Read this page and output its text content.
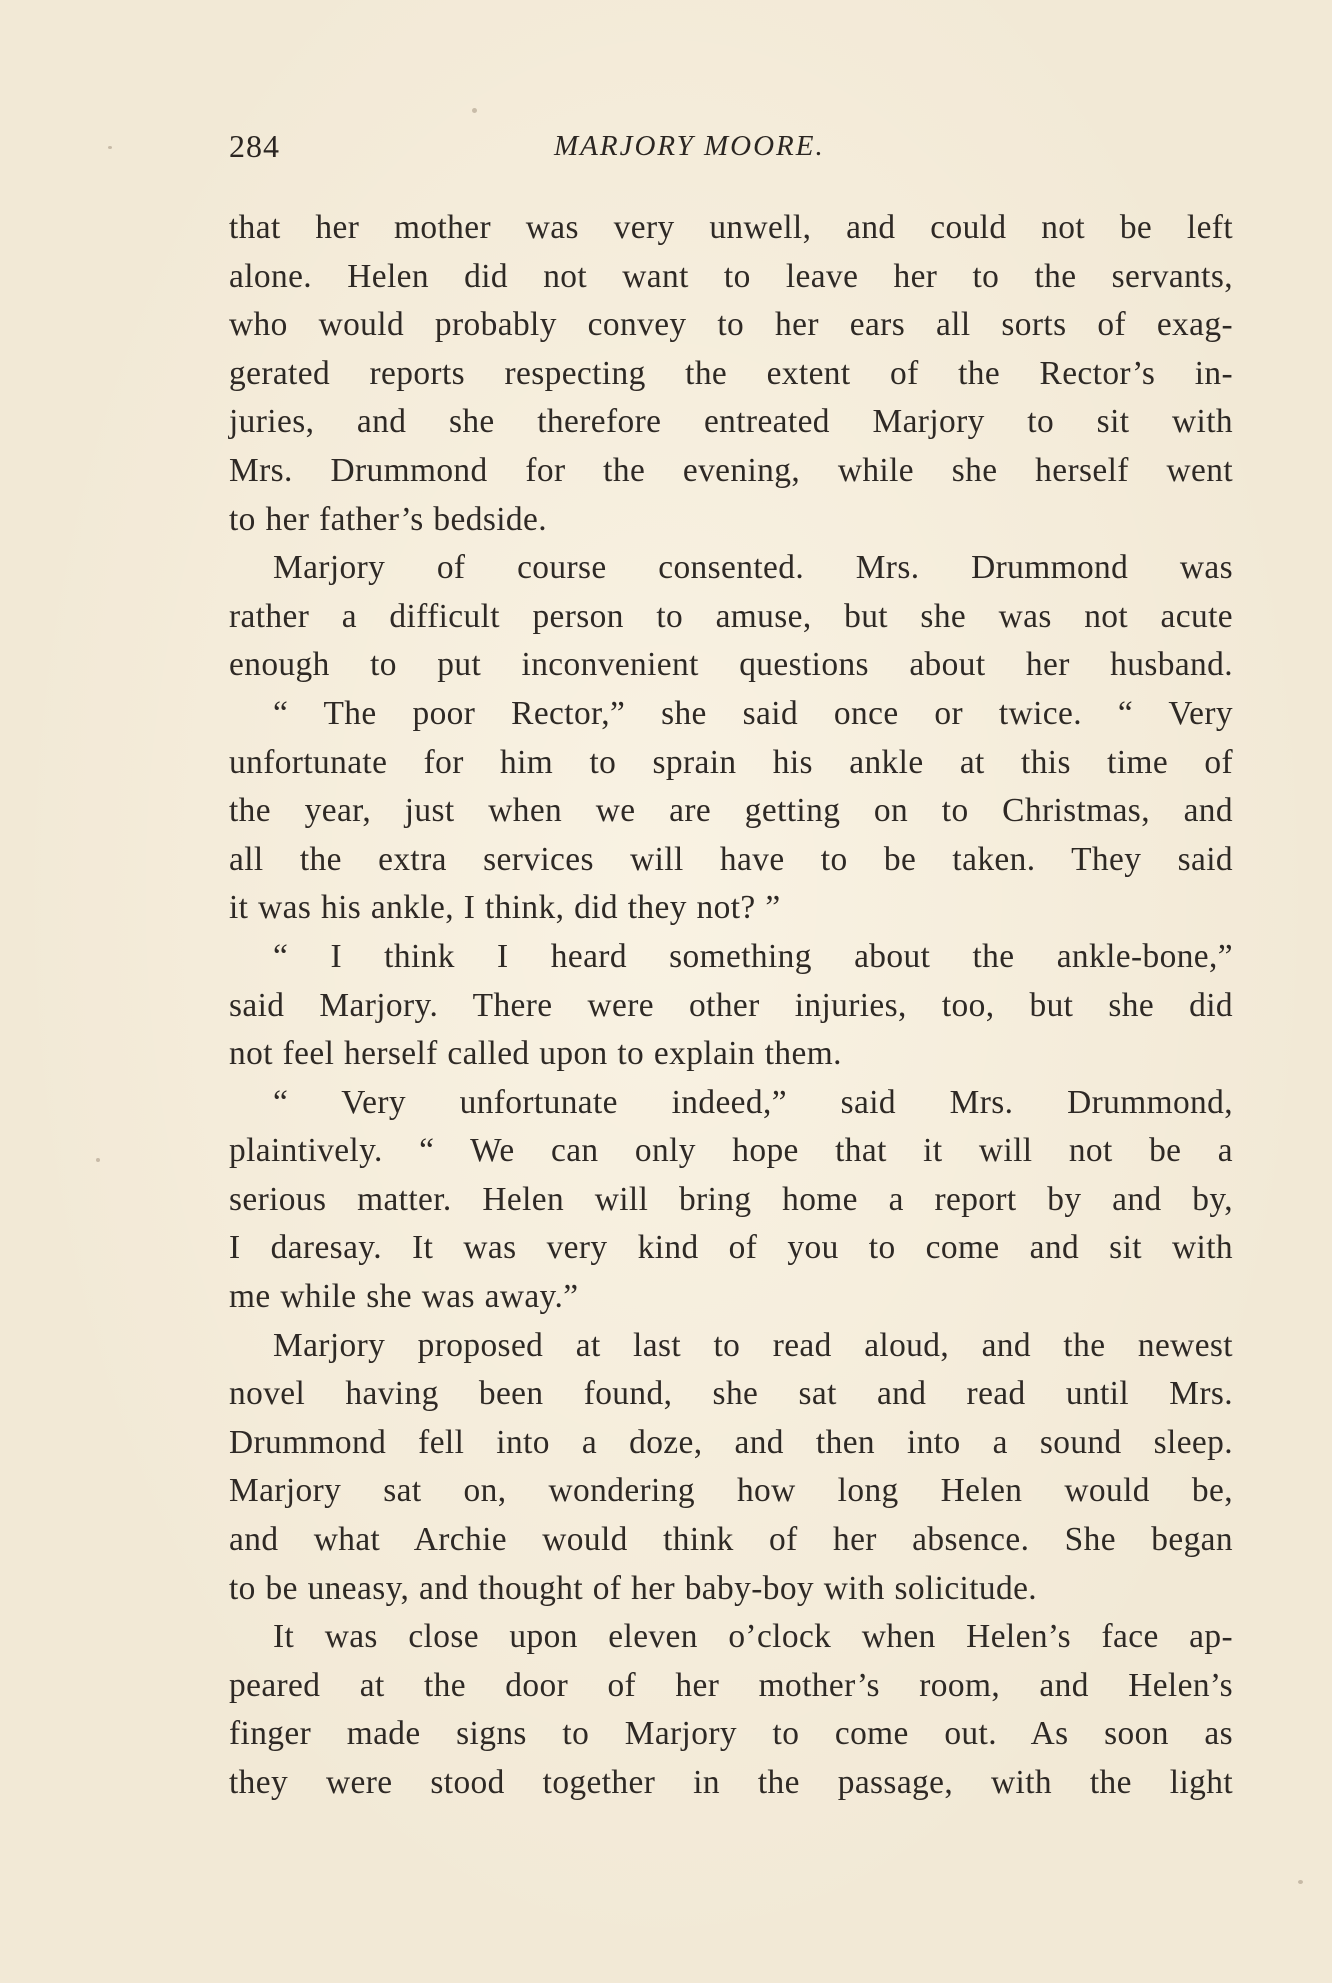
284	MARJORY MOORE.
that her mother was very unwell, and could not be left
alone. Helen did not want to leave her to the servants,
who would probably convey to her ears all sorts of exag-
gerated reports respecting the extent of the Rector’s in-
juries, and she therefore entreated Marjory to sit with
Mrs. Drummond for the evening, while she herself went
to her father’s bedside.
Marjory of course consented. Mrs. Drummond was
rather a difficult person to amuse, but she was not acute
enough to put inconvenient questions about her husband.
“ The poor Rector,” she said once or twice. “ Very
unfortunate for him to sprain his ankle at this time of
the year, just when we are getting on to Christmas, and
all the extra services will have to be taken. They said
it was his ankle, I think, did they not? ”
“ I think I heard something about the ankle-bone,”
said Marjory. There were other injuries, too, but she did
not feel herself called upon to explain them.
“ Very unfortunate indeed,” said Mrs. Drummond,
plaintively. “ We can only hope that it will not be a
serious matter. Helen will bring home a report by and by,
I daresay. It was very kind of you to come and sit with
me while she was away.”
Marjory proposed at last to read aloud, and the newest
novel having been found, she sat and read until Mrs.
Drummond fell into a doze, and then into a sound sleep.
Marjory sat on, wondering how long Helen would be,
and what Archie would think of her absence. She began
to be uneasy, and thought of her baby-boy with solicitude.
It was close upon eleven o’clock when Helen’s face ap-
peared at the door of her mother’s room, and Helen’s
finger made signs to Marjory to come out. As soon as
they were stood together in the passage, with the light
